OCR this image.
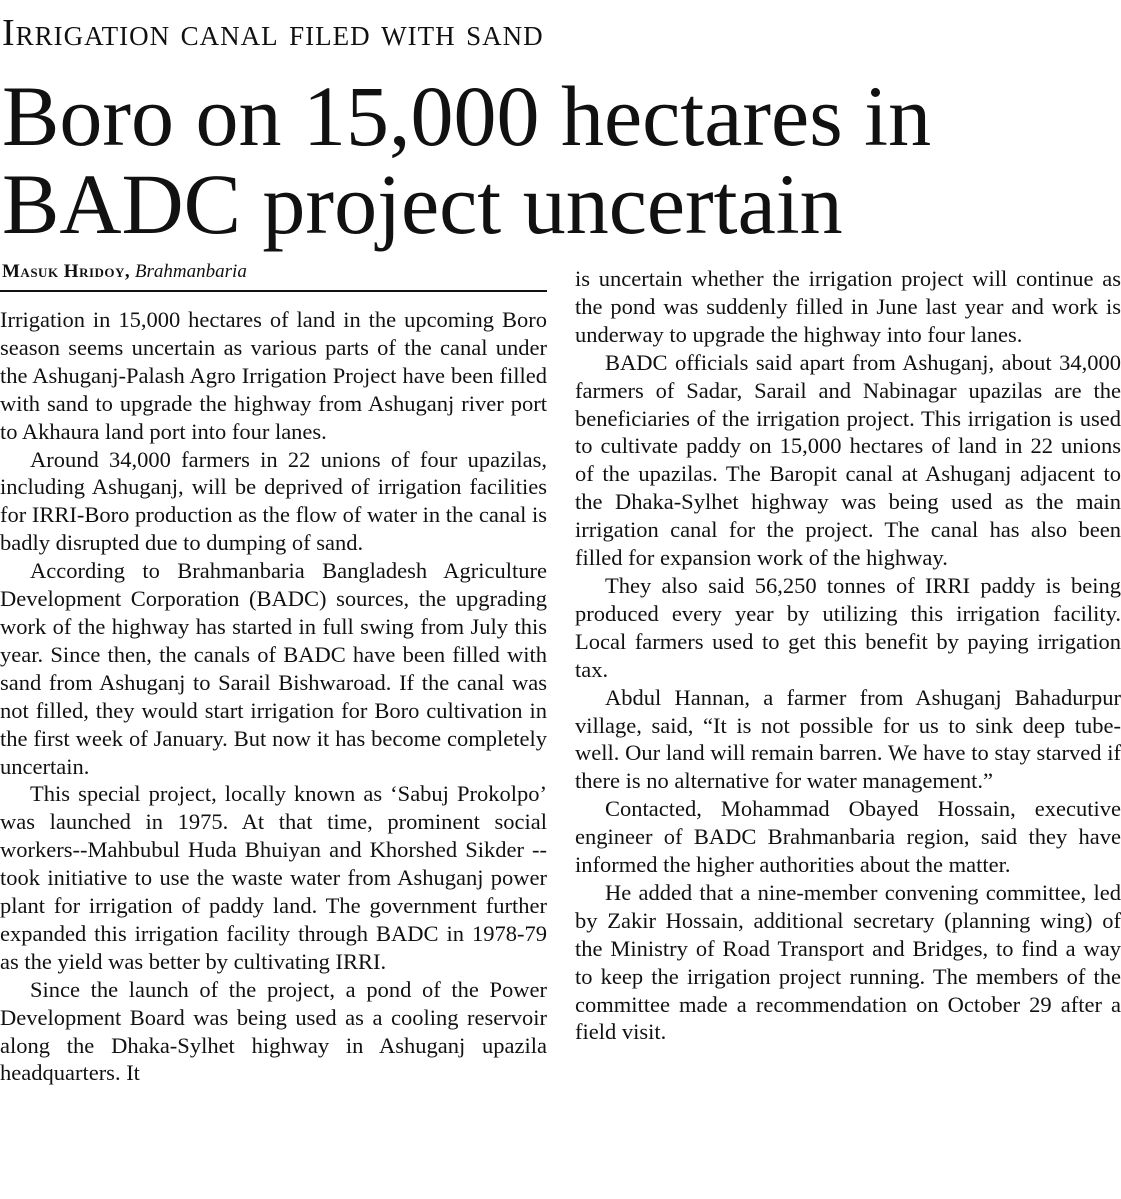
Irrigation canal filed with sand
Boro on 15,000 hectares in BADC project uncertain
Masuk Hridoy, Brahmanbaria

Irrigation in 15,000 hectares of land in the upcoming Boro season seems uncertain as various parts of the canal under the Ashuganj-Palash Agro Irrigation Project have been filled with sand to upgrade the highway from Ashuganj river port to Akhaura land port into four lanes.

Around 34,000 farmers in 22 unions of four upazilas, including Ashuganj, will be deprived of irrigation facilities for IRRI-Boro production as the flow of water in the canal is badly disrupted due to dumping of sand.

According to Brahmanbaria Bangladesh Agriculture Development Corporation (BADC) sources, the upgrading work of the highway has started in full swing from July this year. Since then, the canals of BADC have been filled with sand from Ashuganj to Sarail Bishwaroad. If the canal was not filled, they would start irrigation for Boro cultivation in the first week of January. But now it has become completely uncertain.

This special project, locally known as ‘Sabuj Prokolpo’ was launched in 1975. At that time, prominent social workers--Mahbubul Huda Bhuiyan and Khorshed Sikder -- took initiative to use the waste water from Ashuganj power plant for irrigation of paddy land. The government further expanded this irrigation facility through BADC in 1978-79 as the yield was better by cultivating IRRI.

Since the launch of the project, a pond of the Power Development Board was being used as a cooling reservoir along the Dhaka-Sylhet highway in Ashuganj upazila headquarters. It

is uncertain whether the irrigation project will continue as the pond was suddenly filled in June last year and work is underway to upgrade the highway into four lanes.

BADC officials said apart from Ashuganj, about 34,000 farmers of Sadar, Sarail and Nabinagar upazilas are the beneficiaries of the irrigation project. This irrigation is used to cultivate paddy on 15,000 hectares of land in 22 unions of the upazilas. The Baropit canal at Ashuganj adjacent to the Dhaka-Sylhet highway was being used as the main irrigation canal for the project. The canal has also been filled for expansion work of the highway.

They also said 56,250 tonnes of IRRI paddy is being produced every year by utilizing this irrigation facility. Local farmers used to get this benefit by paying irrigation tax.

Abdul Hannan, a farmer from Ashuganj Bahadurpur village, said, “It is not possible for us to sink deep tube-well. Our land will remain barren. We have to stay starved if there is no alternative for water management.”

Contacted, Mohammad Obayed Hossain, executive engineer of BADC Brahmanbaria region, said they have informed the higher authorities about the matter.

He added that a nine-member convening committee, led by Zakir Hossain, additional secretary (planning wing) of the Ministry of Road Transport and Bridges, to find a way to keep the irrigation project running. The members of the committee made a recommendation on October 29 after a field visit.
